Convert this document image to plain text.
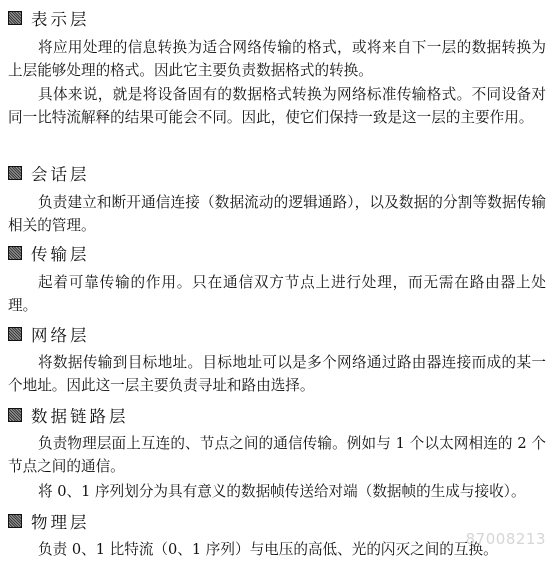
表示层

将应用处理的信息转换为适合网络传输的格式，或将来自下一层的数据转换为上层能够处理的格式。因此它主要负责数据格式的转换。

具体来说，就是将设备固有的数据格式转换为网络标准传输格式。不同设备对同一比特流解释的结果可能会不同。因此，使它们保持一致是这一层的主要作用。

会话层

负责建立和断开通信连接（数据流动的逻辑通路），以及数据的分割等数据传输相关的管理。

传输层

起着可靠传输的作用。只在通信双方节点上进行处理，而无需在路由器上处理。

网络层

将数据传输到目标地址。目标地址可以是多个网络通过路由器连接而成的某一个地址。因此这一层主要负责寻址和路由选择。

数据链路层

负责物理层面上互连的、节点之间的通信传输。例如与 1 个以太网相连的 2 个节点之间的通信。

将 0、1 序列划分为具有意义的数据帧传送给对端（数据帧的生成与接收）。

物理层

负责 0、1 比特流（0、1 序列）与电压的高低、光的闪灭之间的互换。

87008213
